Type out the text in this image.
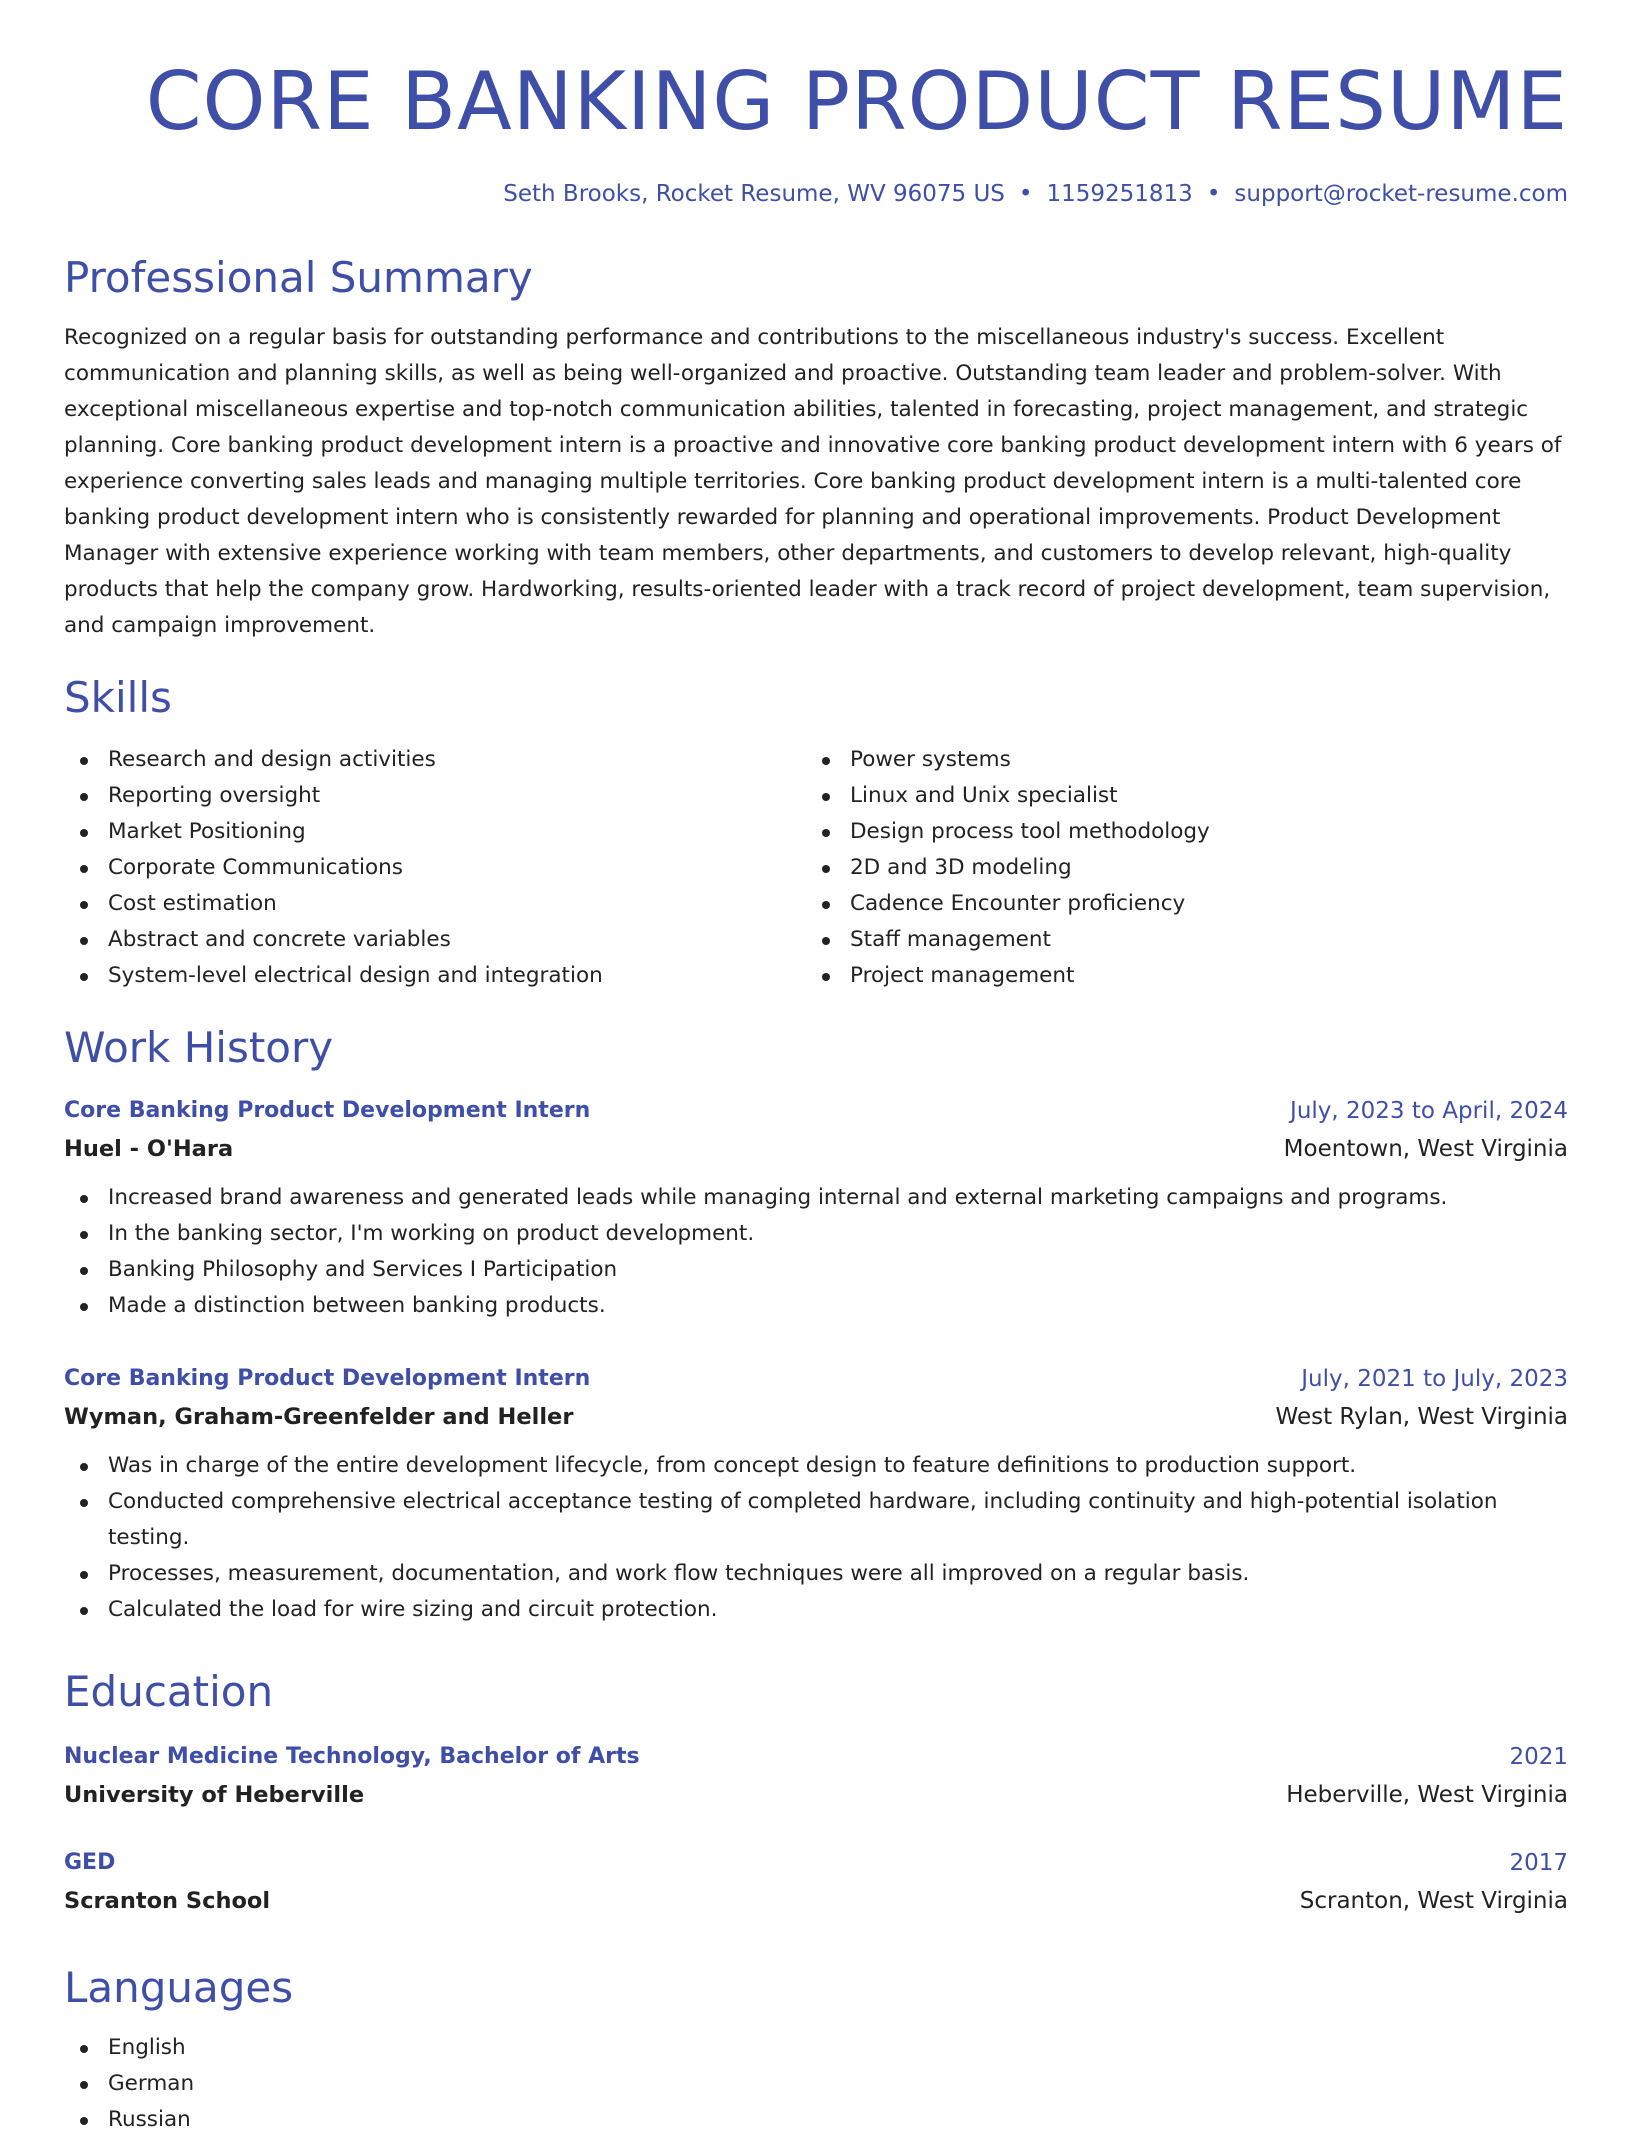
CORE BANKING PRODUCT RESUME
Seth Brooks, Rocket Resume, WV 96075 US • 1159251813 • support@rocket-resume.com
Professional Summary
Recognized on a regular basis for outstanding performance and contributions to the miscellaneous industry's success. Excellent communication and planning skills, as well as being well-organized and proactive. Outstanding team leader and problem-solver. With exceptional miscellaneous expertise and top-notch communication abilities, talented in forecasting, project management, and strategic planning. Core banking product development intern is a proactive and innovative core banking product development intern with 6 years of experience converting sales leads and managing multiple territories. Core banking product development intern is a multi-talented core banking product development intern who is consistently rewarded for planning and operational improvements. Product Development Manager with extensive experience working with team members, other departments, and customers to develop relevant, high-quality products that help the company grow. Hardworking, results-oriented leader with a track record of project development, team supervision, and campaign improvement.
Skills
Research and design activities
Reporting oversight
Market Positioning
Corporate Communications
Cost estimation
Abstract and concrete variables
System-level electrical design and integration
Power systems
Linux and Unix specialist
Design process tool methodology
2D and 3D modeling
Cadence Encounter proficiency
Staff management
Project management
Work History
Core Banking Product Development Intern	July, 2023 to April, 2024
Huel - O'Hara	Moentown, West Virginia
Increased brand awareness and generated leads while managing internal and external marketing campaigns and programs.
In the banking sector, I'm working on product development.
Banking Philosophy and Services I Participation
Made a distinction between banking products.
Core Banking Product Development Intern	July, 2021 to July, 2023
Wyman, Graham-Greenfelder and Heller	West Rylan, West Virginia
Was in charge of the entire development lifecycle, from concept design to feature definitions to production support.
Conducted comprehensive electrical acceptance testing of completed hardware, including continuity and high-potential isolation testing.
Processes, measurement, documentation, and work flow techniques were all improved on a regular basis.
Calculated the load for wire sizing and circuit protection.
Education
Nuclear Medicine Technology, Bachelor of Arts	2021
University of Heberville	Heberville, West Virginia
GED	2017
Scranton School	Scranton, West Virginia
Languages
English
German
Russian
